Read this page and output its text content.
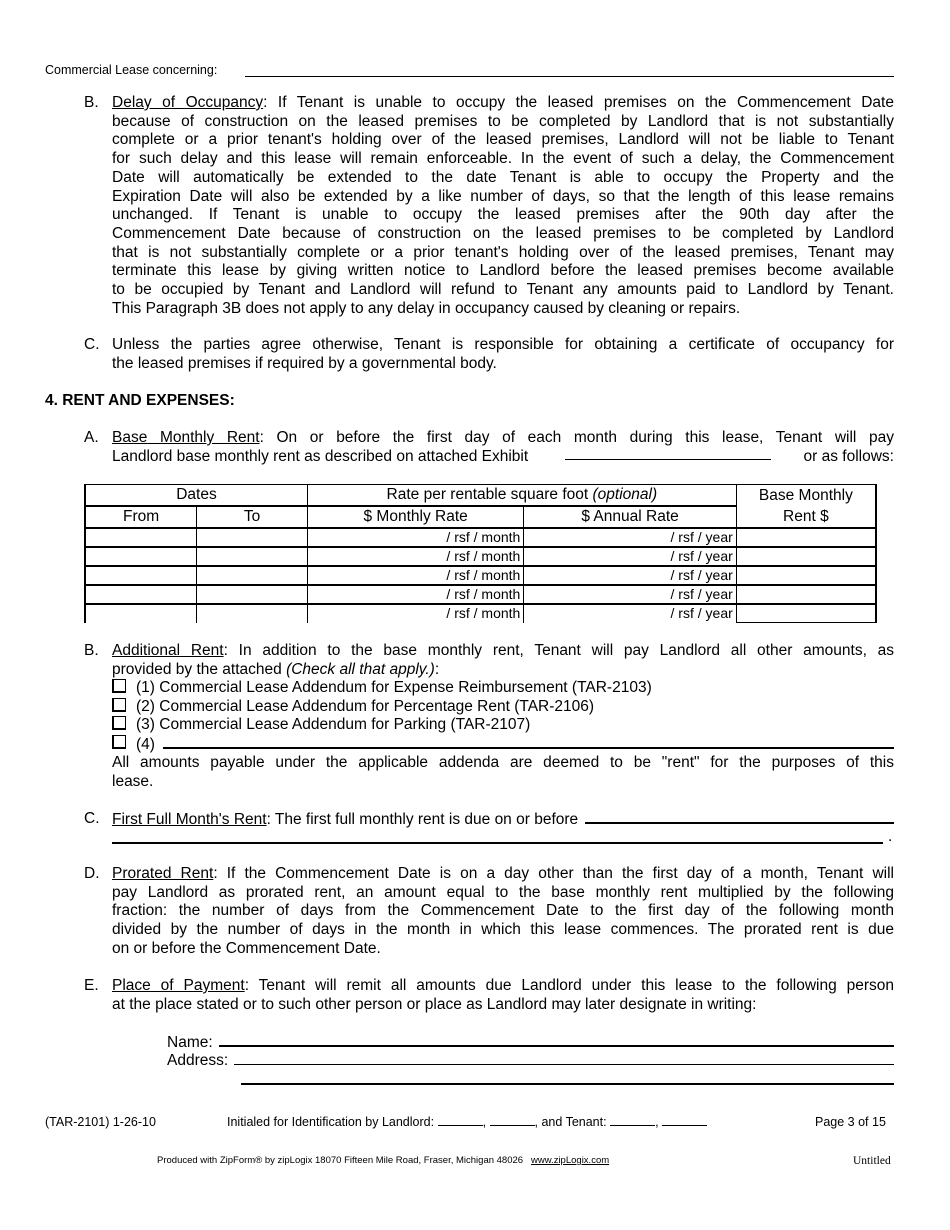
Commercial Lease concerning:
B. Delay of Occupancy: If Tenant is unable to occupy the leased premises on the Commencement Date
because of construction on the leased premises to be completed by Landlord that is not substantially
complete or a prior tenant's holding over of the leased premises, Landlord will not be liable to Tenant
for such delay and this lease will remain enforceable. In the event of such a delay, the Commencement
Date will automatically be extended to the date Tenant is able to occupy the Property and the
Expiration Date will also be extended by a like number of days, so that the length of this lease remains
unchanged. If Tenant is unable to occupy the leased premises after the 90th day after the
Commencement Date because of construction on the leased premises to be completed by Landlord
that is not substantially complete or a prior tenant's holding over of the leased premises, Tenant may
terminate this lease by giving written notice to Landlord before the leased premises become available
to be occupied by Tenant and Landlord will refund to Tenant any amounts paid to Landlord by Tenant.
This Paragraph 3B does not apply to any delay in occupancy caused by cleaning or repairs.
C. Unless the parties agree otherwise, Tenant is responsible for obtaining a certificate of occupancy for
the leased premises if required by a governmental body.
4. RENT AND EXPENSES:
A. Base Monthly Rent: On or before the first day of each month during this lease, Tenant will pay
Landlord base monthly rent as described on attached Exhibit	or as follows:
Dates		Rate per rentable square foot (optional)		Base Monthly
Rent $

From	To	$ Monthly Rate	$ Annual Rate	
		/ rsf / month	/ rsf / year	
		/ rsf / month	/ rsf / year	
		/ rsf / month	/ rsf / year	
		/ rsf / month	/ rsf / year	
		/ rsf / month	/ rsf / year	
B. Additional Rent: In addition to the base monthly rent, Tenant will pay Landlord all other amounts, as
provided by the attached (Check all that apply.):
(1) Commercial Lease Addendum for Expense Reimbursement (TAR-2103)
(2) Commercial Lease Addendum for Percentage Rent (TAR-2106)
(3) Commercial Lease Addendum for Parking (TAR-2107)
(4)
All amounts payable under the applicable addenda are deemed to be "rent" for the purposes of this
lease.
C. First Full Month's Rent : The first full monthly rent is due on or before
.
D. Prorated Rent: If the Commencement Date is on a day other than the first day of a month, Tenant will
pay Landlord as prorated rent, an amount equal to the base monthly rent multiplied by the following
fraction: the number of days from the Commencement Date to the first day of the following month
divided by the number of days in the month in which this lease commences. The prorated rent is due
on or before the Commencement Date.
E. Place of Payment: Tenant will remit all amounts due Landlord under this lease to the following person
at the place stated or to such other person or place as Landlord may later designate in writing:
Name:
Address:
(TAR-2101) 1-26-10	Initialed for Identification by Landlord:	,	, and Tenant:	,	Page 3 of 15
Produced with ZipForm® by zipLogix 18070 Fifteen Mile Road, Fraser, Michigan 48026 www.zipLogix.com	Untitled
